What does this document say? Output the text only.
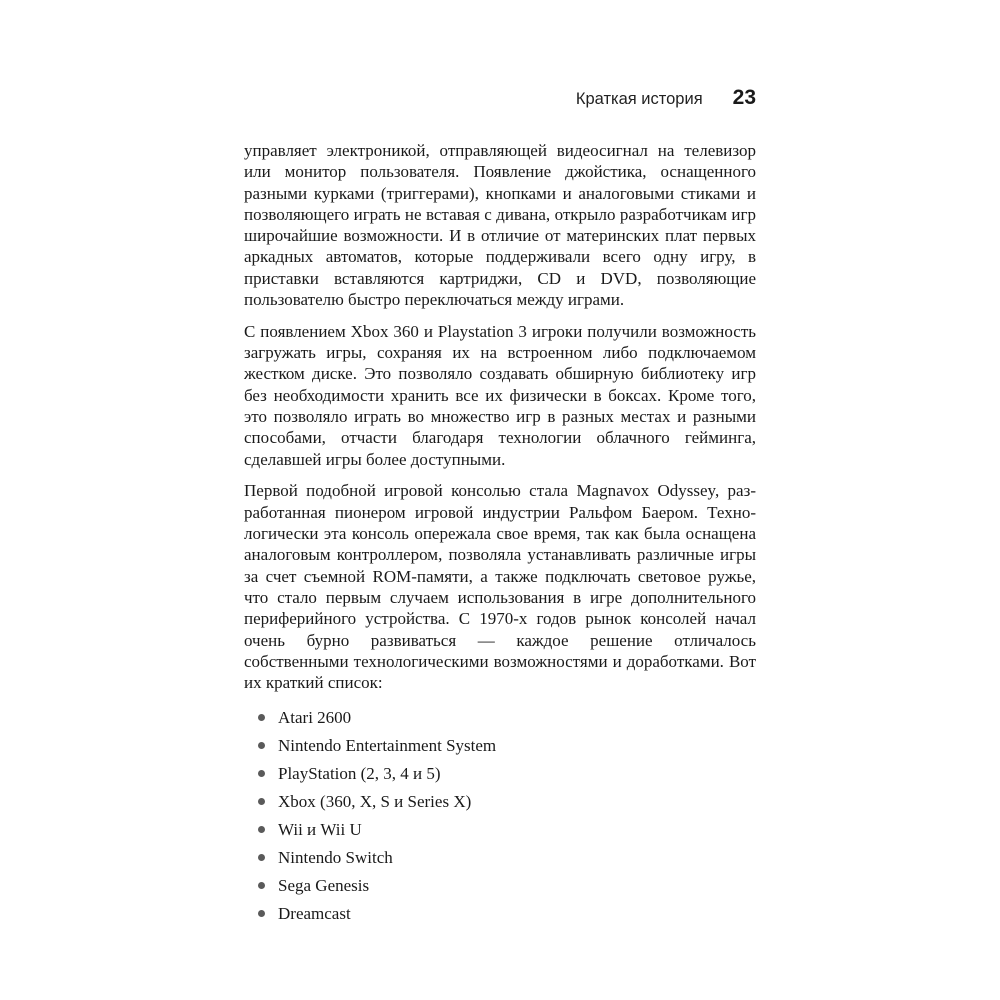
Краткая история 23

управляет электроникой, отправляющей видеосигнал на телевизор или монитор пользователя. Появление джойстика, оснащенного разными курками (триггерами), кнопками и аналоговыми стиками и позволяющего играть не вставая с дивана, открыло разработчикам игр широчайшие возможности. И в отличие от материнских плат первых аркадных автоматов, которые поддерживали всего одну игру, в приставки вставляются картриджи, CD и DVD, позволяющие пользователю быстро переключаться между играми.

С появлением Xbox 360 и Playstation 3 игроки получили возможность загружать игры, сохраняя их на встроенном либо подключаемом жестком диске. Это позволяло создавать обширную библиотеку игр без необходимости хранить все их физически в боксах. Кроме того, это позволяло играть во множество игр в разных местах и разными способами, отчасти благодаря технологии облачного гейминга, сделавшей игры более доступными.

Первой подобной игровой консолью стала Magnavox Odyssey, разработанная пионером игровой индустрии Ральфом Баером. Технологически эта консоль опережала свое время, так как была оснащена аналоговым контроллером, позволяла устанавливать различные игры за счет съемной ROM-памяти, а также подключать световое ружье, что стало первым случаем использования в игре дополнительного периферийного устройства. С 1970-х годов рынок консолей начал очень бурно развиваться — каждое решение отличалось собственными технологическими возможностями и доработками. Вот их краткий список:

Atari 2600
Nintendo Entertainment System
PlayStation (2, 3, 4 и 5)
Xbox (360, X, S и Series X)
Wii и Wii U
Nintendo Switch
Sega Genesis
Dreamcast
